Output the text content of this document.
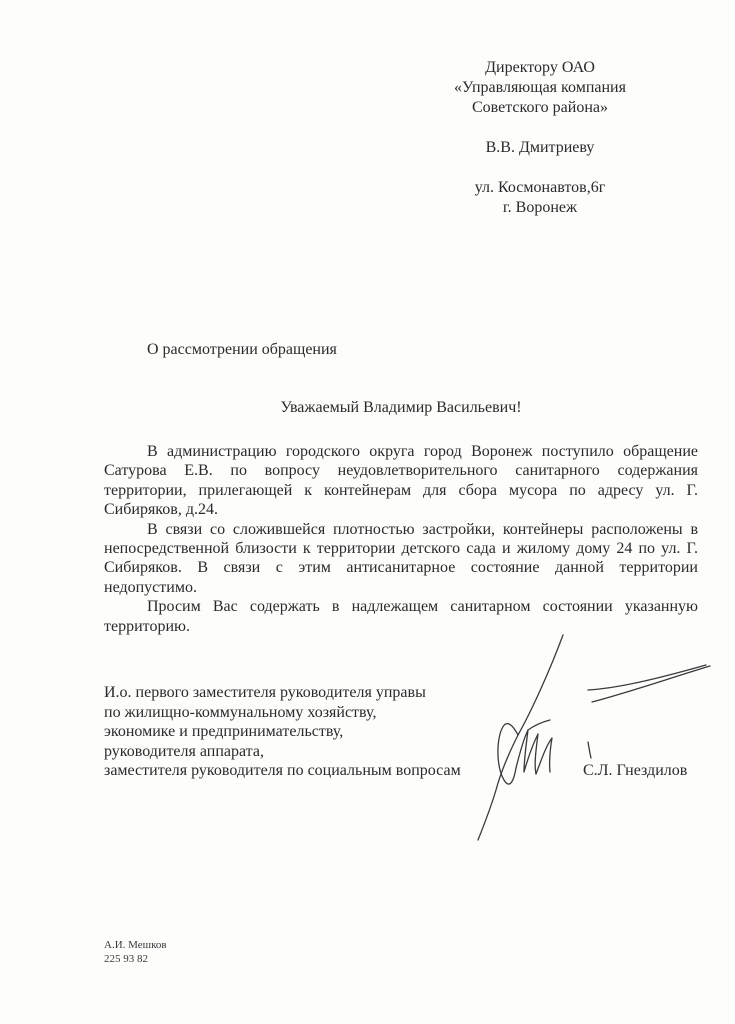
Директору ОАО
«Управляющая компания
Советского района»
В.В. Дмитриеву
ул. Космонавтов,6г
г. Воронеж
О рассмотрении обращения
Уважаемый Владимир Васильевич!

В администрацию городского округа город Воронеж поступило обращение Сатурова Е.В. по вопросу неудовлетворительного санитарного содержания территории, прилегающей к контейнерам для сбора мусора по адресу ул. Г. Сибиряков, д.24.

В связи со сложившейся плотностью застройки, контейнеры расположены в непосредственной близости к территории детского сада и жилому дому 24 по ул. Г. Сибиряков. В связи с этим антисанитарное состояние данной территории недопустимо.

Просим Вас содержать в надлежащем санитарном состоянии указанную территорию.

И.о. первого заместителя руководителя управы
по жилищно-коммунальному хозяйству,
экономике и предпринимательству,
руководителя аппарата,
заместителя руководителя по социальным вопросам	С.Л. Гнездилов
А.И. Мешков
225 93 82
